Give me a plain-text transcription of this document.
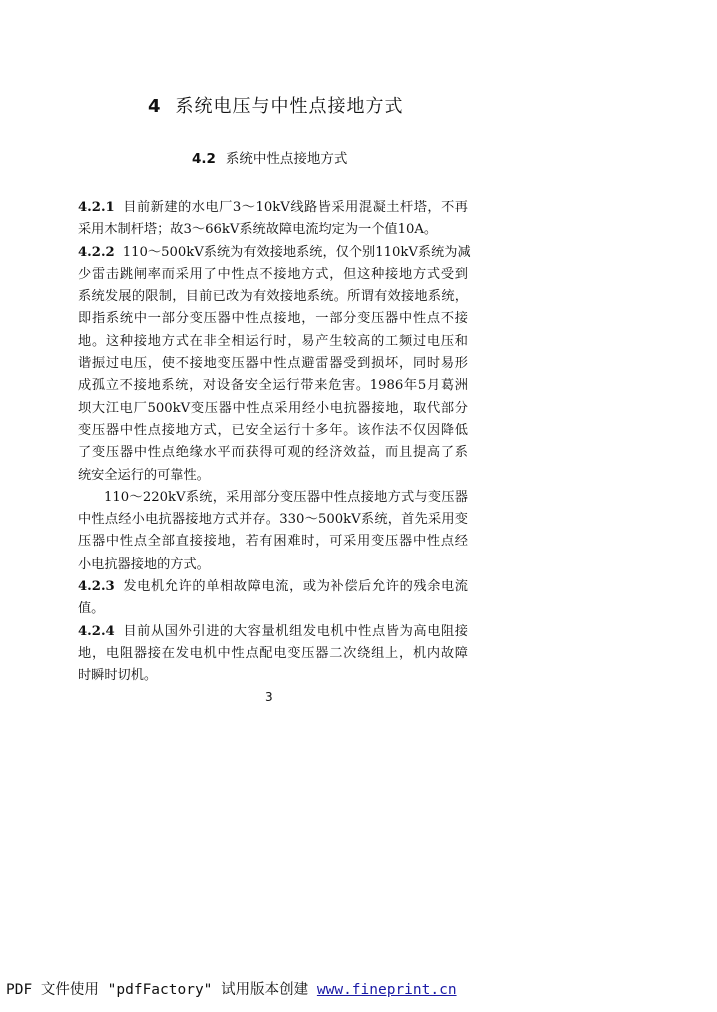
4 系统电压与中性点接地方式
4.2 系统中性点接地方式
4.2.1 目前新建的水电厂3～10kV线路皆采用混凝土杆塔，不再
采用木制杆塔；故3～66kV系统故障电流均定为一个值10A。
4.2.2 110～500kV系统为有效接地系统，仅个别110kV系统为减
少雷击跳闸率而采用了中性点不接地方式，但这种接地方式受到
系统发展的限制，目前已改为有效接地系统。所谓有效接地系统，
即指系统中一部分变压器中性点接地，一部分变压器中性点不接
地。这种接地方式在非全相运行时，易产生较高的工频过电压和
谐振过电压，使不接地变压器中性点避雷器受到损坏，同时易形
成孤立不接地系统，对设备安全运行带来危害。1986年5月葛洲
坝大江电厂500kV变压器中性点采用经小电抗器接地，取代部分
变压器中性点接地方式，已安全运行十多年。该作法不仅因降低
了变压器中性点绝缘水平而获得可观的经济效益，而且提高了系
统安全运行的可靠性。
110～220kV系统，采用部分变压器中性点接地方式与变压器
中性点经小电抗器接地方式并存。330～500kV系统，首先采用变
压器中性点全部直接接地，若有困难时，可采用变压器中性点经
小电抗器接地的方式。
4.2.3 发电机允许的单相故障电流，或为补偿后允许的残余电流
值。
4.2.4 目前从国外引进的大容量机组发电机中性点皆为高电阻接
地，电阻器接在发电机中性点配电变压器二次绕组上，机内故障
时瞬时切机。
3
PDF 文件使用 "pdfFactory" 试用版本创建 www.fineprint.cn
